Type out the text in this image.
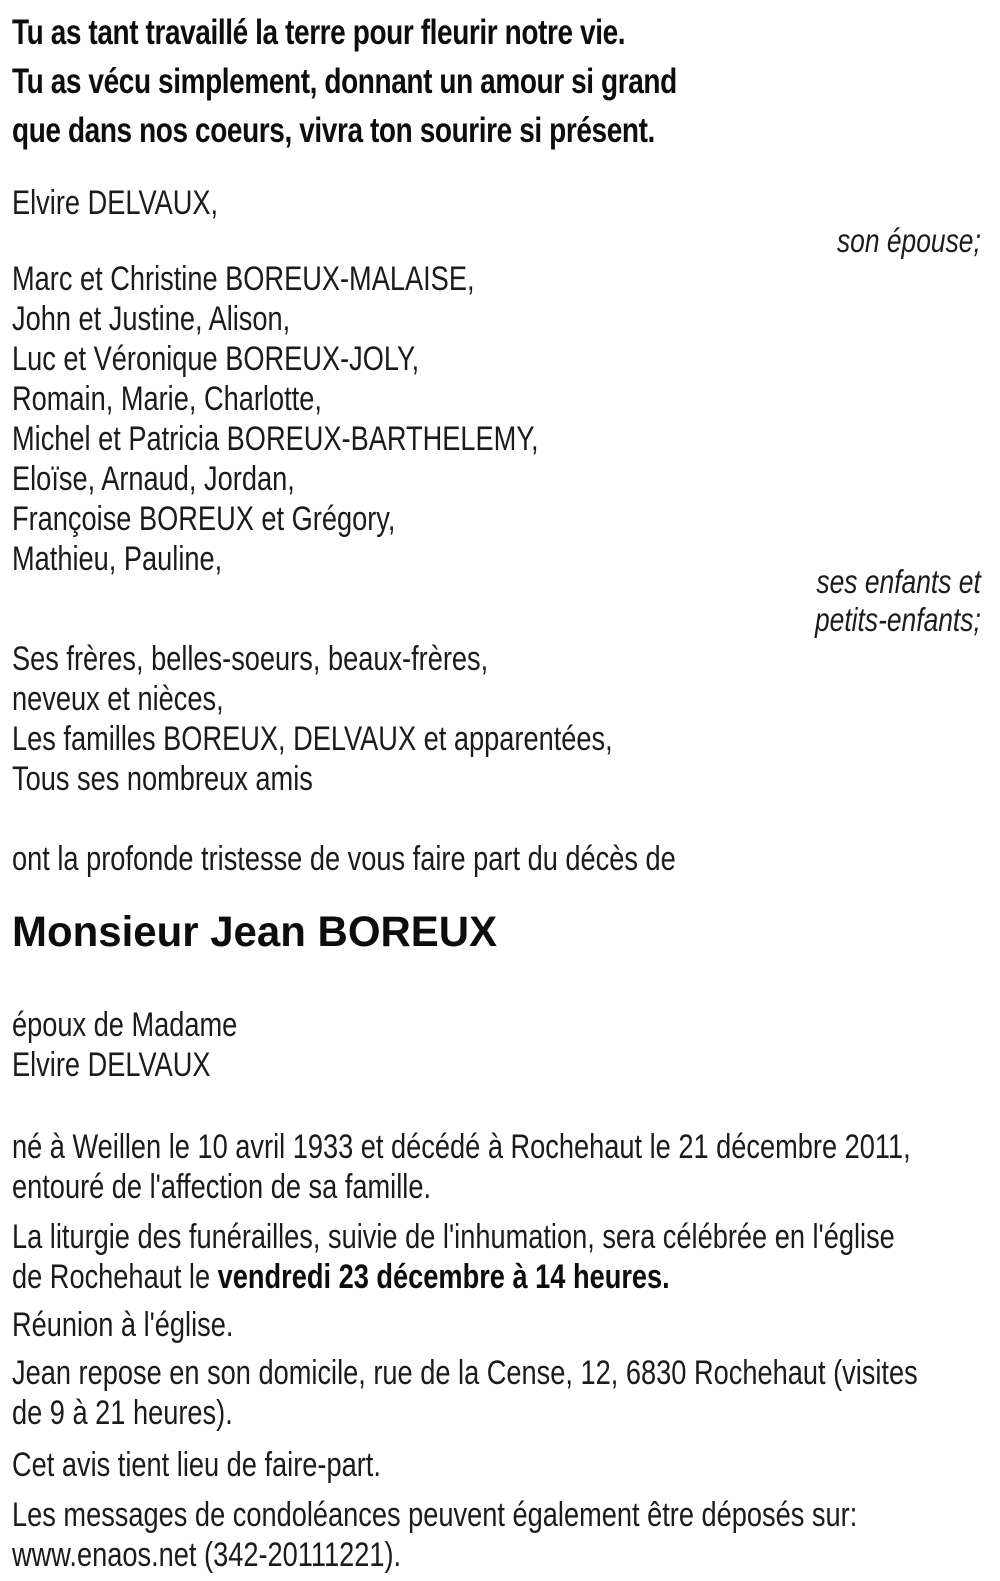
Tu as tant travaillé la terre pour fleurir notre vie.
Tu as vécu simplement, donnant un amour si grand
que dans nos coeurs, vivra ton sourire si présent.
Elvire DELVAUX,
son épouse;
Marc et Christine BOREUX-MALAISE,
John et Justine, Alison,
Luc et Véronique BOREUX-JOLY,
Romain, Marie, Charlotte,
Michel et Patricia BOREUX-BARTHELEMY,
Eloïse, Arnaud, Jordan,
Françoise BOREUX et Grégory,
Mathieu, Pauline,
ses enfants et
petits-enfants;
Ses frères, belles-soeurs, beaux-frères,
neveux et nièces,
Les familles BOREUX, DELVAUX et apparentées,
Tous ses nombreux amis
ont la profonde tristesse de vous faire part du décès de
Monsieur Jean BOREUX
époux de Madame
Elvire DELVAUX
né à Weillen le 10 avril 1933 et décédé à Rochehaut le 21 décembre 2011,
entouré de l'affection de sa famille.
La liturgie des funérailles, suivie de l'inhumation, sera célébrée en l'église
de Rochehaut le vendredi 23 décembre à 14 heures.
Réunion à l'église.
Jean repose en son domicile, rue de la Cense, 12, 6830 Rochehaut (visites
de 9 à 21 heures).
Cet avis tient lieu de faire-part.
Les messages de condoléances peuvent également être déposés sur:
www.enaos.net (342-20111221).
